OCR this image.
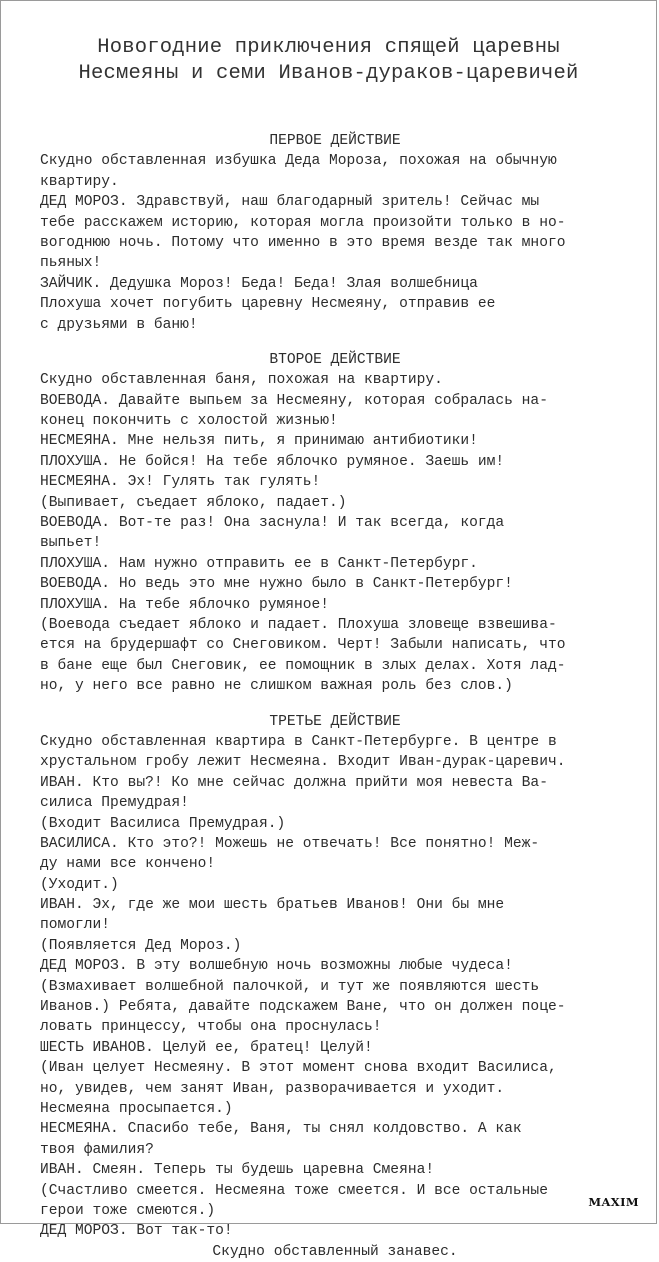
Новогодние приключения спящей царевны
Несмеяны и семи Иванов-дураков-царевичей
ПЕРВОЕ ДЕЙСТВИЕ
Скудно обставленная избушка Деда Мороза, похожая на обычную
квартиру.
ДЕД МОРОЗ. Здравствуй, наш благодарный зритель! Сейчас мы
тебе расскажем историю, которая могла произойти только в но-
вогоднюю ночь. Потому что именно в это время везде так много
пьяных!
ЗАЙЧИК. Дедушка Мороз! Беда! Беда! Злая волшебница
Плохуша хочет погубить царевну Несмеяну, отправив ее
с друзьями в баню!
ВТОРОЕ ДЕЙСТВИЕ
Скудно обставленная баня, похожая на квартиру.
ВОЕВОДА. Давайте выпьем за Несмеяну, которая собралась на-
конец покончить с холостой жизнью!
НЕСМЕЯНА. Мне нельзя пить, я принимаю антибиотики!
ПЛОХУША. Не бойся! На тебе яблочко румяное. Заешь им!
НЕСМЕЯНА. Эх! Гулять так гулять!
(Выпивает, съедает яблоко, падает.)
ВОЕВОДА. Вот-те раз! Она заснула! И так всегда, когда
выпьет!
ПЛОХУША. Нам нужно отправить ее в Санкт-Петербург.
ВОЕВОДА. Но ведь это мне нужно было в Санкт-Петербург!
ПЛОХУША. На тебе яблочко румяное!
(Воевода съедает яблоко и падает. Плохуша зловеще взвешива-
ется на брудершафт со Снеговиком. Черт! Забыли написать, что
в бане еще был Снеговик, ее помощник в злых делах. Хотя лад-
но, у него все равно не слишком важная роль без слов.)
ТРЕТЬЕ ДЕЙСТВИЕ
Скудно обставленная квартира в Санкт-Петербурге. В центре в
хрустальном гробу лежит Несмеяна. Входит Иван-дурак-царевич.
ИВАН. Кто вы?! Ко мне сейчас должна прийти моя невеста Ва-
силиса Премудрая!
(Входит Василиса Премудрая.)
ВАСИЛИСА. Кто это?! Можешь не отвечать! Все понятно! Меж-
ду нами все кончено!
(Уходит.)
ИВАН. Эх, где же мои шесть братьев Иванов! Они бы мне
помогли!
(Появляется Дед Мороз.)
ДЕД МОРОЗ. В эту волшебную ночь возможны любые чудеса!
(Взмахивает волшебной палочкой, и тут же появляются шесть
Иванов.) Ребята, давайте подскажем Ване, что он должен поце-
ловать принцессу, чтобы она проснулась!
ШЕСТЬ ИВАНОВ. Целуй ее, братец! Целуй!
(Иван целует Несмеяну. В этот момент снова входит Василиса,
но, увидев, чем занят Иван, разворачивается и уходит.
Несмеяна просыпается.)
НЕСМЕЯНА. Спасибо тебе, Ваня, ты снял колдовство. А как
твоя фамилия?
ИВАН. Смеян. Теперь ты будешь царевна Смеяна!
(Счастливо смеется. Несмеяна тоже смеется. И все остальные
герои тоже смеются.)
ДЕД МОРОЗ. Вот так-то!
Скудно обставленный занавес.
MAXIM
